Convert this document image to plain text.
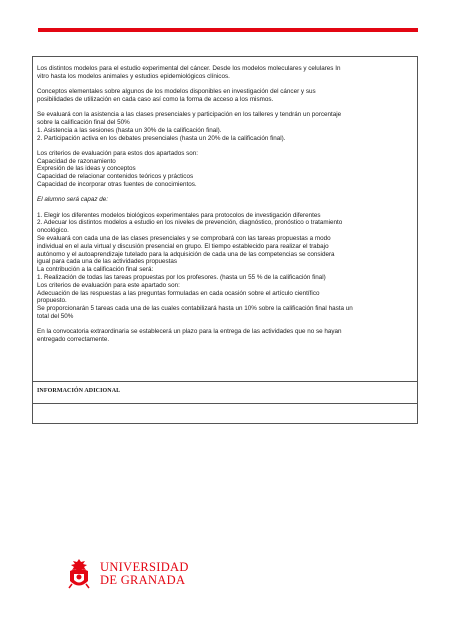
Los distintos modelos para el estudio experimental del cáncer. Desde los modelos moleculares y celulares In
vitro hasta los modelos animales y estudios epidemiológicos clínicos.

Conceptos elementales sobre algunos de los modelos disponibles en investigación del cáncer y sus
posibilidades de utilización en cada caso así como la forma de acceso a los mismos.

Se evaluará con la asistencia a las clases presenciales y participación en los talleres y tendrán un porcentaje
sobre la calificación final del 50%
1. Asistencia a las sesiones (hasta un 30% de la calificación final).
2. Participación activa en los debates presenciales (hasta un 20% de la calificación final).

Los criterios de evaluación para estos dos apartados son:
Capacidad de razonamiento
Expresión de las ideas y conceptos
Capacidad de relacionar contenidos teóricos y prácticos
Capacidad de incorporar otras fuentes de conocimientos.

El alumno será capaz de:

1. Elegir los diferentes modelos biológicos experimentales para protocolos de investigación diferentes
2. Adecuar los distintos modelos a estudio en los niveles de prevención, diagnóstico, pronóstico o tratamiento
oncológico.
Se evaluará con cada una de las clases presenciales y se comprobará con las tareas propuestas a modo
individual en el aula virtual y discusión presencial en grupo. El tiempo establecido para realizar el trabajo
autónomo y el autoaprendizaje tutelado para la adquisición de cada una de las competencias se considera
igual para cada una de las actividades propuestas
La contribución a la calificación final será:
1. Realización de todas las tareas propuestas por los profesores. (hasta un 55 % de la calificación final)
Los criterios de evaluación para este apartado son:
Adecuación de las respuestas a las preguntas formuladas en cada ocasión sobre el artículo científico
propuesto.
Se proporcionarán 5 tareas cada una de las cuales contabilizará hasta un 10% sobre la calificación final hasta un
total del 50%

En la convocatoria extraordinaria se establecerá un plazo para la entrega de las actividades que no se hayan
entregado correctamente.

INFORMACIÓN ADICIONAL
UNIVERSIDAD
DE GRANADA
